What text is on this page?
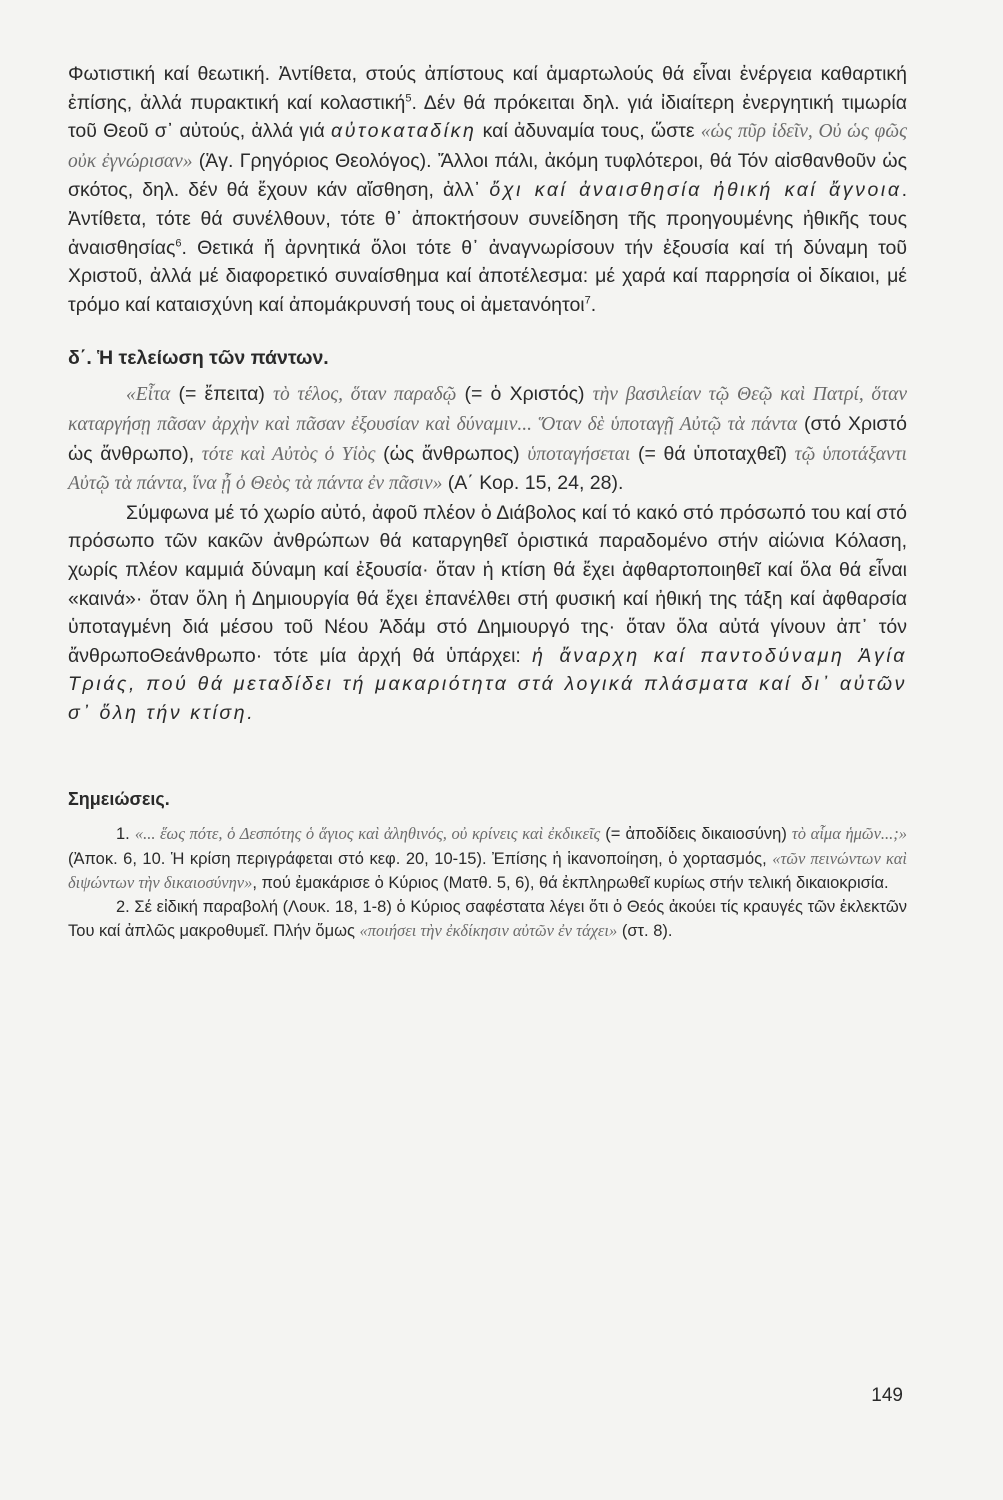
Φωτιστική καί θεωτική. Ἀντίθετα, στούς ἀπίστους καί ἁμαρτωλούς θά εἶναι ἐνέργεια καθαρτική ἐπίσης, ἀλλά πυρακτική καί κολαστική$^5$. Δέν θά πρόκειται δηλ. γιά ἰδιαίτερη ἐνεργητική τιμωρία τοῦ Θεοῦ σ᾽ αὐτούς, ἀλλά γιά αὐτοκαταδίκη καί ἀδυναμία τους, ὥστε «ὡς πῦρ ἰδεῖν, Οὐ ὡς φῶς οὐκ ἐγνώρισαν» (Ἁγ. Γρηγόριος Θεολόγος). Ἄλλοι πάλι, ἀκόμη τυφλότεροι, θά Τόν αἰσθανθοῦν ὡς σκότος, δηλ. δέν θά ἔχουν κάν αἴσθηση, ἀλλ᾽ ὄχι καί ἀναισθησία ἠθική καί ἄγνοια. Ἀντίθετα, τότε θά συνέλθουν, τότε θ᾽ ἀποκτήσουν συνείδηση τῆς προηγουμένης ἠθικῆς τους ἀναισθησίας$^6$. Θετικά ἤ ἀρνητικά ὅλοι τότε θ᾽ ἀναγνωρίσουν τήν ἐξουσία καί τή δύναμη τοῦ Χριστοῦ, ἀλλά μέ διαφορετικό συναίσθημα καί ἀποτέλεσμα: μέ χαρά καί παρρησία οἱ δίκαιοι, μέ τρόμο καί καταισχύνη καί ἀπομάκρυνσή τους οἱ ἀμετανόητοι$^7$.

δ΄. Ἡ τελείωση τῶν πάντων.

«Εἶτα (= ἔπειτα) τὸ τέλος, ὅταν παραδῷ (= ὁ Χριστός) τὴν βασιλείαν τῷ Θεῷ καὶ Πατρί, ὅταν καταργήσῃ πᾶσαν ἀρχὴν καὶ πᾶσαν ἐξουσίαν καὶ δύναμιν... Ὅταν δὲ ὑποταγῇ Αὐτῷ τὰ πάντα (στό Χριστό ὡς ἄνθρωπο), τότε καὶ Αὐτὸς ὁ Υἱὸς (ὡς ἄνθρωπος) ὑποταγήσεται (= θά ὑποταχθεῖ) τῷ ὑποτάξαντι Αὐτῷ τὰ πάντα, ἵνα ᾖ ὁ Θεὸς τὰ πάντα ἐν πᾶσιν» (Α΄ Κορ. 15, 24, 28).

Σύμφωνα μέ τό χωρίο αὐτό, ἀφοῦ πλέον ὁ Διάβολος καί τό κακό στό πρόσωπό του καί στό πρόσωπο τῶν κακῶν ἀνθρώπων θά καταργηθεῖ ὁριστικά παραδομένο στήν αἰώνια Κόλαση, χωρίς πλέον καμμιά δύναμη καί ἐξουσία· ὅταν ἡ κτίση θά ἔχει ἀφθαρτοποιηθεῖ καί ὅλα θά εἶναι «καινά»· ὅταν ὅλη ἡ Δημιουργία θά ἔχει ἐπανέλθει στή φυσική καί ἠθική της τάξη καί ἀφθαρσία ὑποταγμένη διά μέσου τοῦ Νέου Ἀδάμ στό Δημιουργό της· ὅταν ὅλα αὐτά γίνουν ἀπ᾽ τόν ἄνθρωποΘεάνθρωπο· τότε μία ἀρχή θά ὑπάρχει: ἡ ἄναρχη καί παντοδύναμη Ἁγία Τριάς, πού θά μεταδίδει τή μακαριότητα στά λογικά πλάσματα καί δι᾽ αὐτῶν σ᾽ ὅλη τήν κτίση.

Σημειώσεις.

1. «... ἕως πότε, ὁ Δεσπότης ὁ ἅγιος καὶ ἀληθινός, οὐ κρίνεις καὶ ἐκδικεῖς (= ἀποδίδεις δικαιοσύνη) τὸ αἷμα ἡμῶν...;» (Ἀποκ. 6, 10. Ἡ κρίση περιγράφεται στό κεφ. 20, 10-15). Ἐπίσης ἡ ἱκανοποίηση, ὁ χορτασμός, «τῶν πεινώντων καὶ διψώντων τὴν δικαιοσύνην», πού ἐμακάρισε ὁ Κύριος (Ματθ. 5, 6), θά ἐκπληρωθεῖ κυρίως στήν τελική δικαιοκρισία.

2. Σέ εἰδική παραβολή (Λουκ. 18, 1-8) ὁ Κύριος σαφέστατα λέγει ὅτι ὁ Θεός ἀκούει τίς κραυγές τῶν ἐκλεκτῶν Του καί ἀπλῶς μακροθυμεῖ. Πλήν ὅμως «ποιήσει τὴν ἐκδίκησιν αὐτῶν ἐν τάχει» (στ. 8).

149
